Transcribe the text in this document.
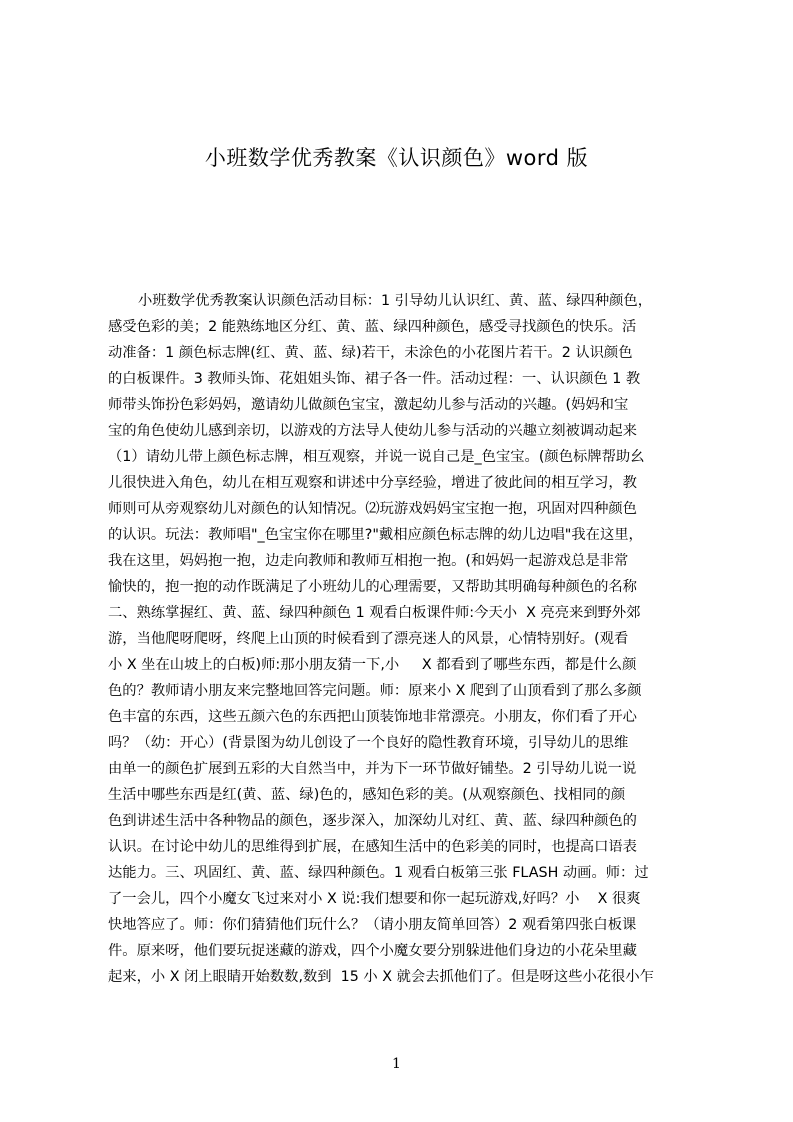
小班数学优秀教案《认识颜色》word 版
小班数学优秀教案认识颜色活动目标：1 引导幼儿认识红、黄、蓝、绿四种颜色，
感受色彩的美；2 能熟练地区分红、黄、蓝、绿四种颜色，感受寻找颜色的快乐。活
动准备：1 颜色标志牌(红、黄、蓝、绿)若干，未涂色的小花图片若干。2 认识颜色
的白板课件。3 教师头饰、花姐姐头饰、裙子各一件。活动过程：一、认识颜色 1 教
师带头饰扮色彩妈妈，邀请幼儿做颜色宝宝，激起幼儿参与活动的兴趣。(妈妈和宝
宝的角色使幼儿感到亲切，以游戏的方法导人使幼儿参与活动的兴趣立刻被调动起来
（1）请幼儿带上颜色标志牌，相互观察，并说一说自己是_色宝宝。(颜色标牌帮助幺
儿很快进入角色，幼儿在相互观察和讲述中分享经验，增进了彼此间的相互学习，教
师则可从旁观察幼儿对颜色的认知情况。⑵玩游戏妈妈宝宝抱一抱，巩固对四种颜色
的认识。玩法：教师唱"_色宝宝你在哪里?"戴相应颜色标志牌的幼儿边唱"我在这里，
我在这里，妈妈抱一抱，边走向教师和教师互相抱一抱。(和妈妈一起游戏总是非常
愉快的，抱一抱的动作既满足了小班幼儿的心理需要，又帮助其明确每种颜色的名称
二、熟练掌握红、黄、蓝、绿四种颜色 1 观看白板课件师:今天小  X 亮亮来到野外郊
游，当他爬呀爬呀，终爬上山顶的时候看到了漂亮迷人的风景，心情特别好。(观看
小 X 坐在山坡上的白板)师:那小朋友猜一下,小     X 都看到了哪些东西，都是什么颜
色的？教师请小朋友来完整地回答完问题。师：原来小 X 爬到了山顶看到了那么多颜
色丰富的东西，这些五颜六色的东西把山顶装饰地非常漂亮。小朋友，你们看了开心
吗？（幼：开心）(背景图为幼儿创设了一个良好的隐性教育环境，引导幼儿的思维
由单一的颜色扩展到五彩的大自然当中，并为下一环节做好铺垫。2 引导幼儿说一说
生活中哪些东西是红(黄、蓝、绿)色的，感知色彩的美。(从观察颜色、找相同的颜
色到讲述生活中各种物品的颜色，逐步深入，加深幼儿对红、黄、蓝、绿四种颜色的
认识。在讨论中幼儿的思维得到扩展，在感知生活中的色彩美的同时，也提高口语表
达能力。三、巩固红、黄、蓝、绿四种颜色。1 观看白板第三张 FLASH 动画。师：过
了一会儿，四个小魔女飞过来对小 X 说:我们想要和你一起玩游戏,好吗？小    X 很爽
快地答应了。师：你们猜猜他们玩什么？（请小朋友简单回答）2 观看第四张白板课
件。原来呀，他们要玩捉迷藏的游戏，四个小魔女要分别躲进他们身边的小花朵里藏
起来，小 X 闭上眼睛开始数数,数到  15 小 X 就会去抓他们了。但是呀这些小花很小乍
1
